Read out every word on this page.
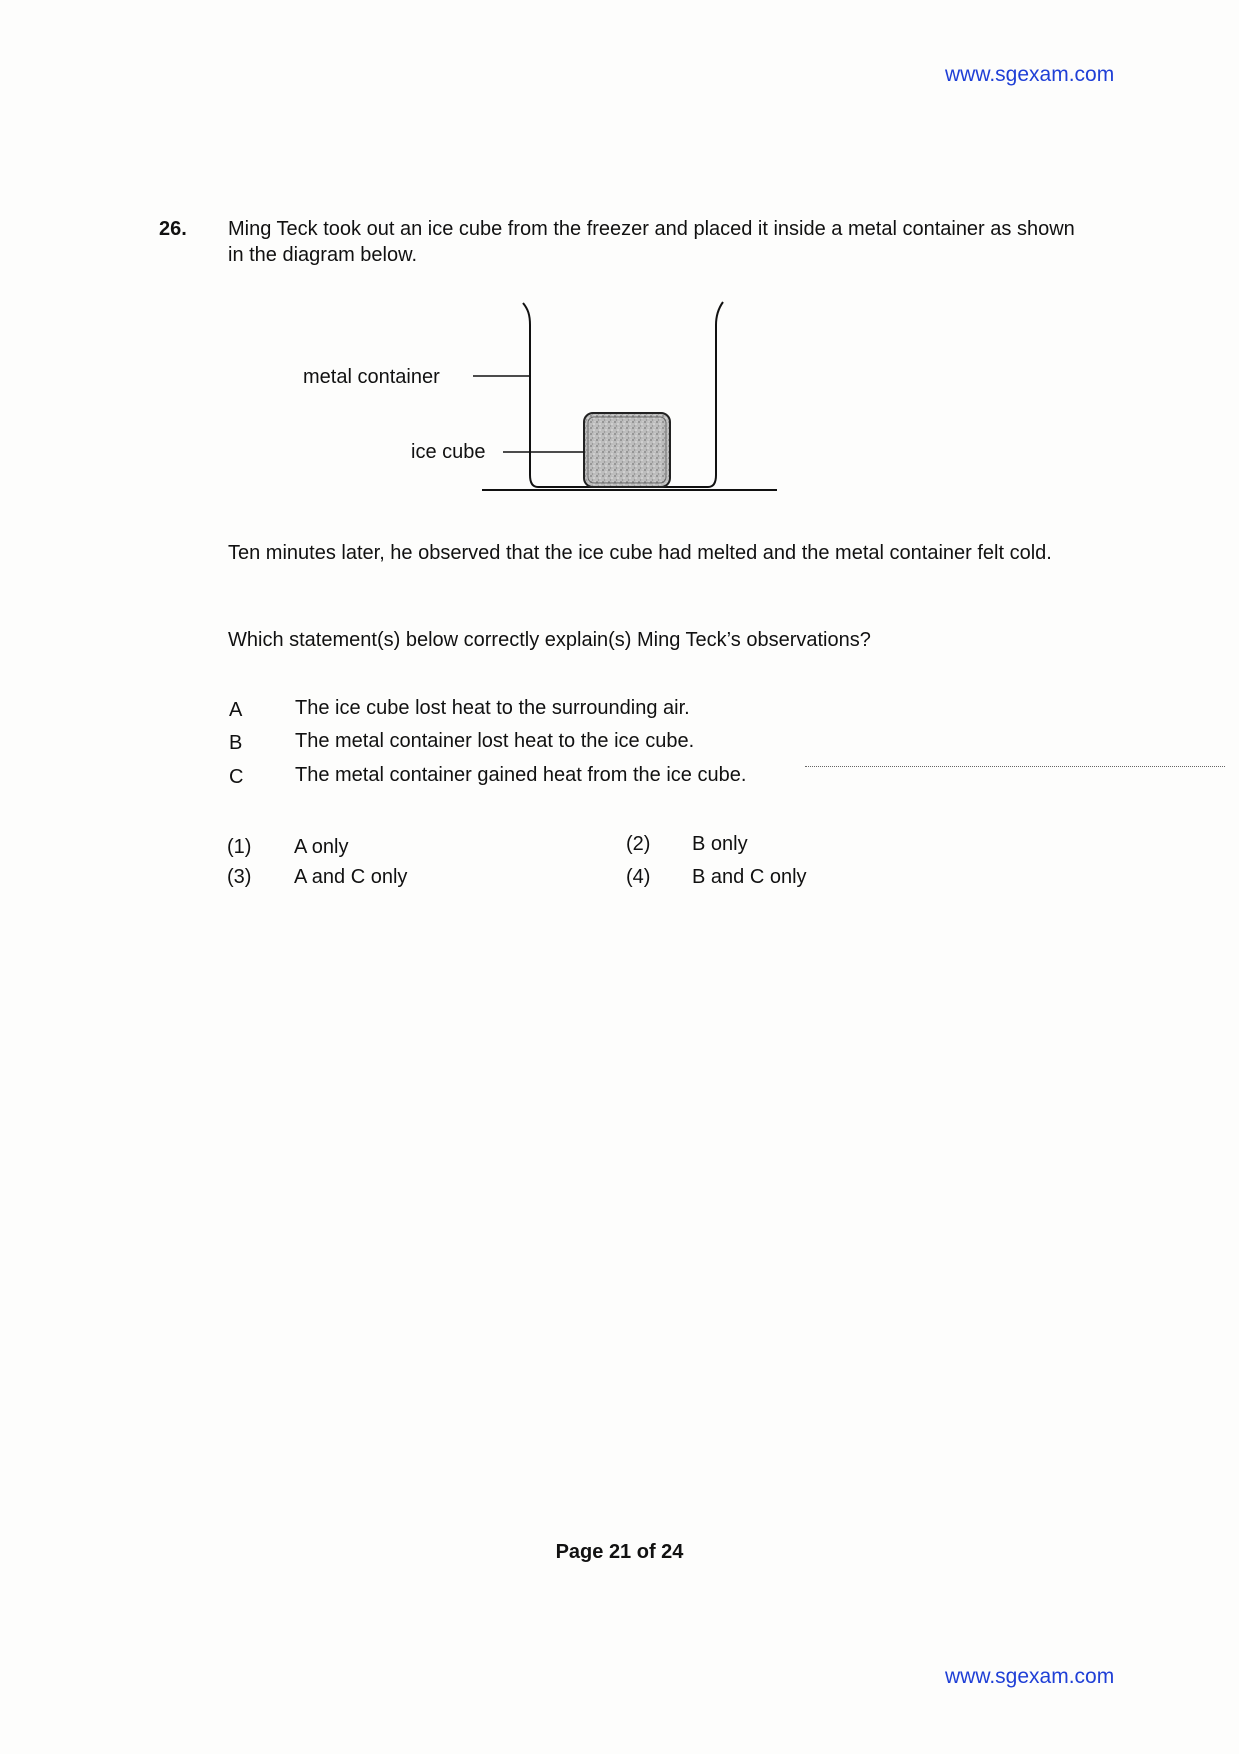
www.sgexam.com
26. Ming Teck took out an ice cube from the freezer and placed it inside a metal container as shown in the diagram below.
metal container
ice cube
Ten minutes later, he observed that the ice cube had melted and the metal container felt cold.
Which statement(s) below correctly explain(s) Ming Teck’s observations?
A	The ice cube lost heat to the surrounding air.
B	The metal container lost heat to the ice cube.
C	The metal container gained heat from the ice cube.
(1) A only	(2) B only
(3) A and C only	(4) B and C only
Page 21 of 24
www.sgexam.com
